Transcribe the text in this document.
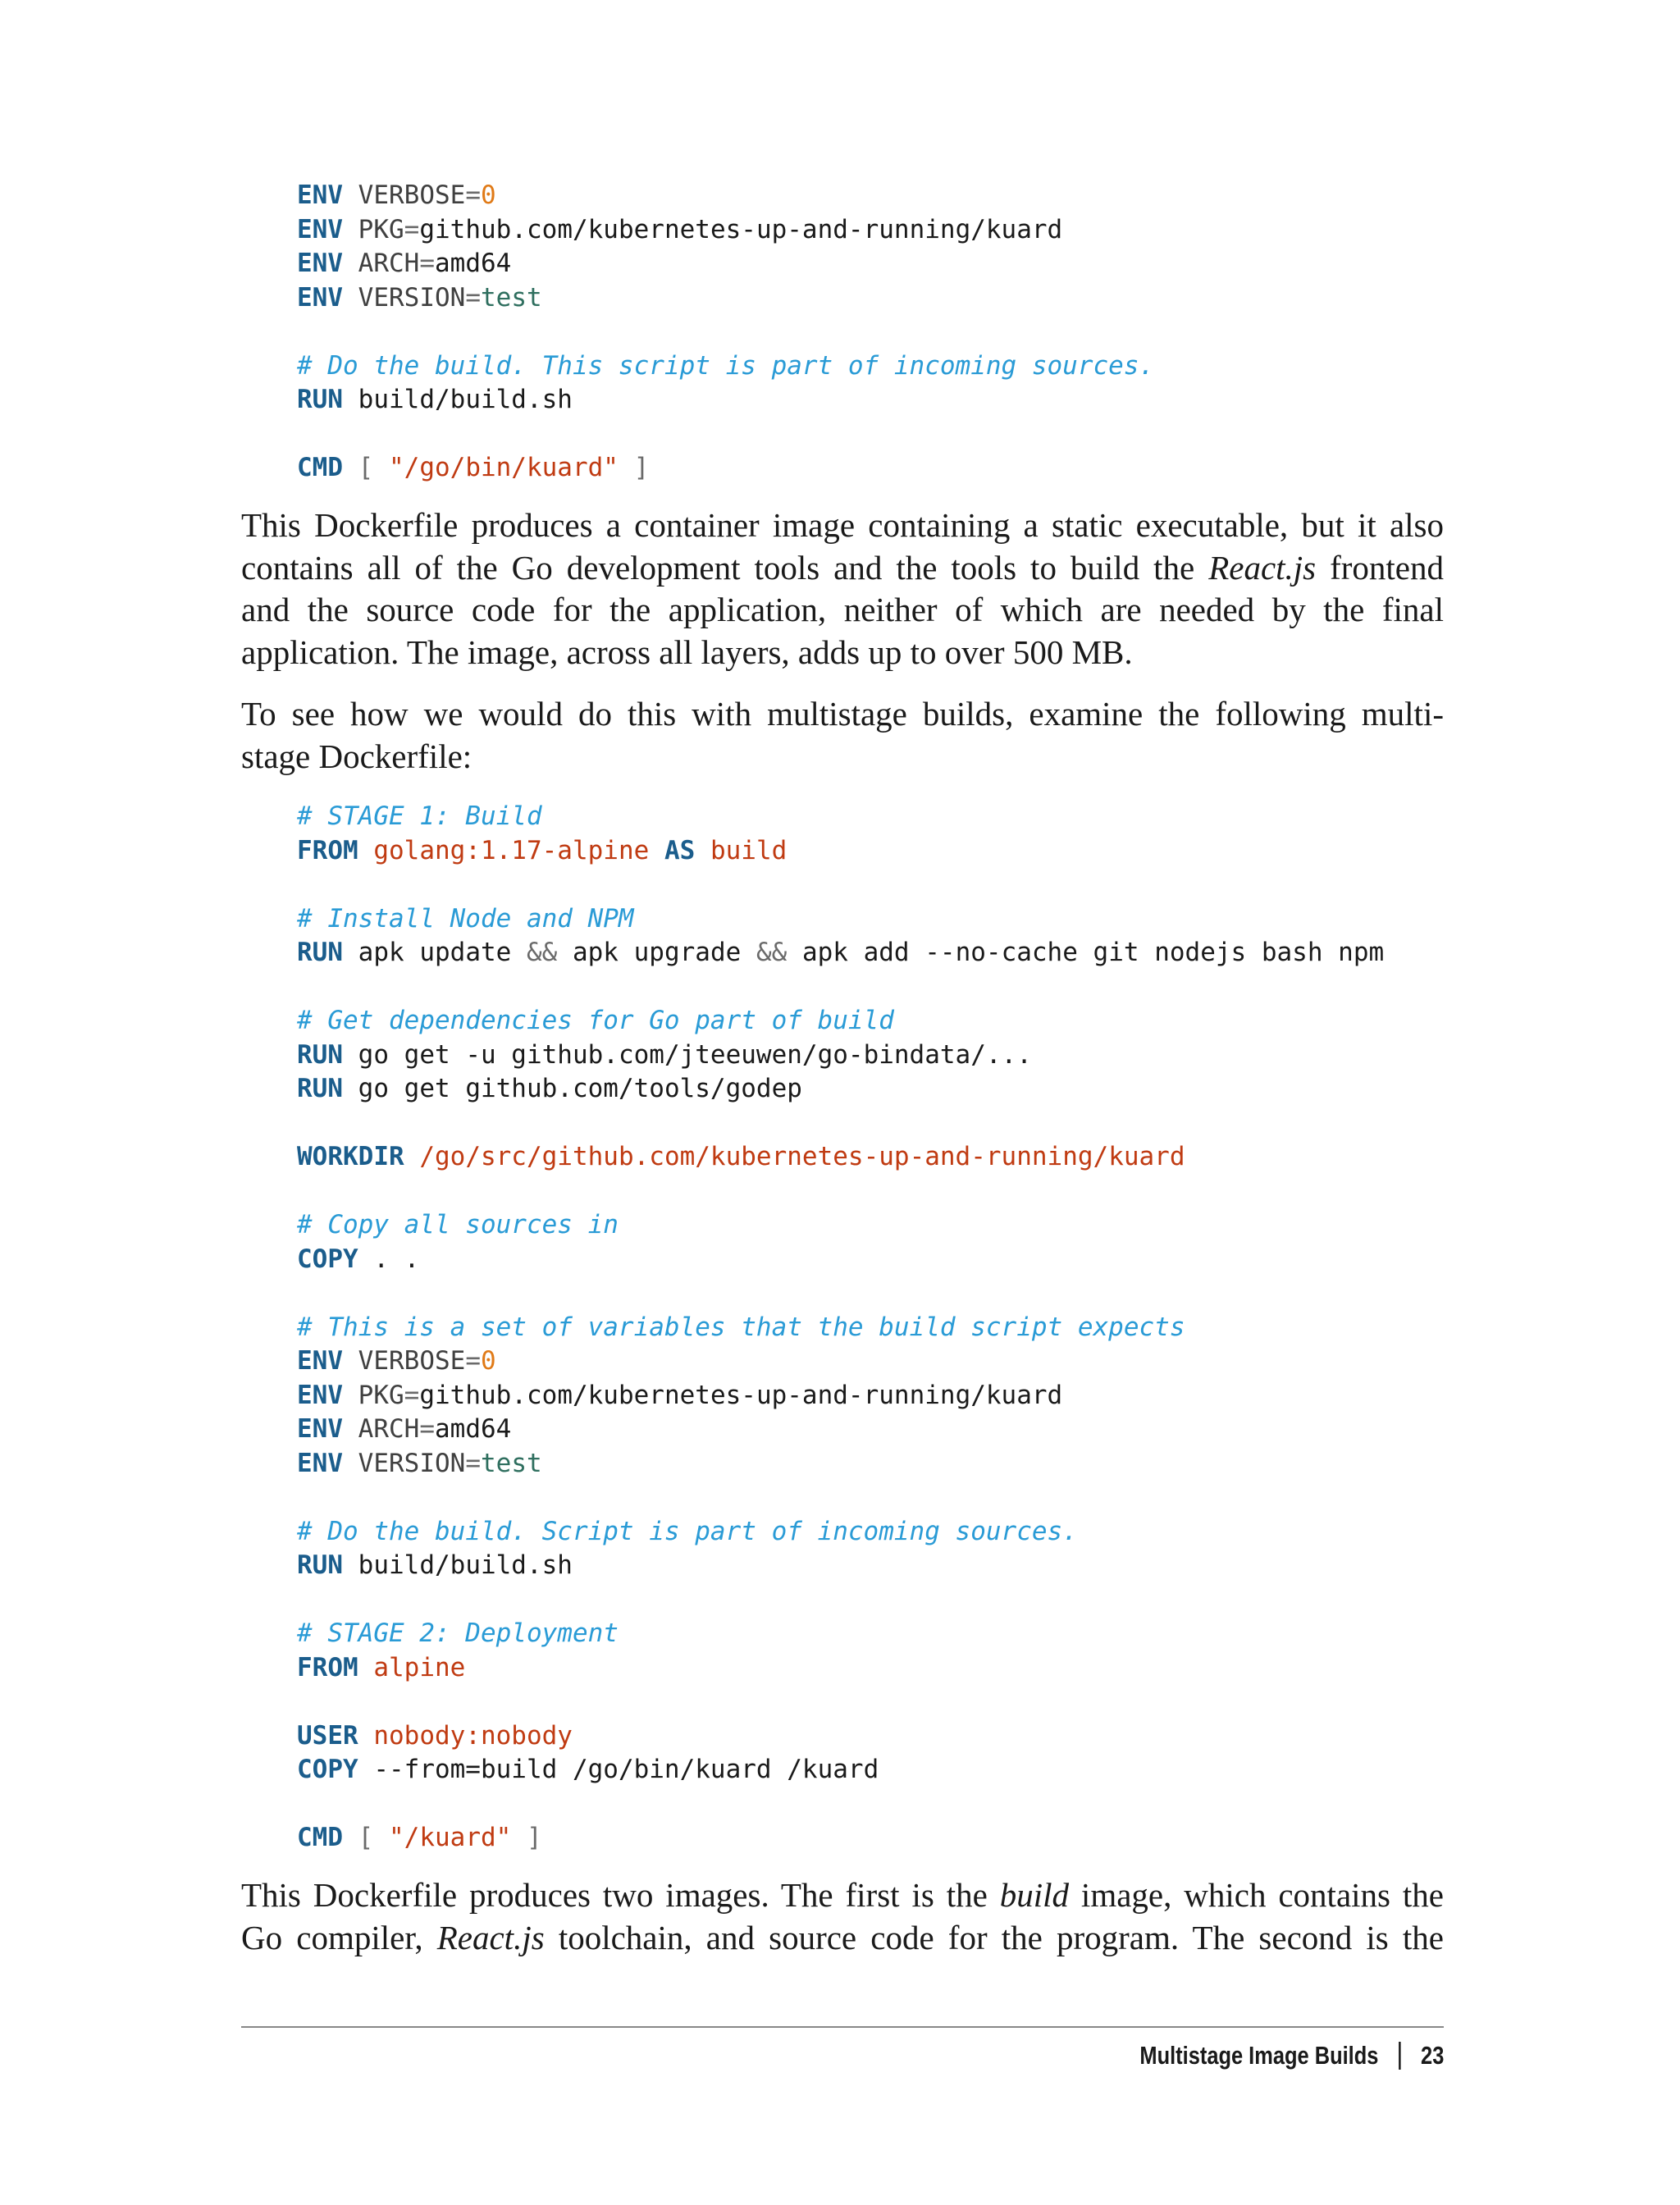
ENV VERBOSE=0
ENV PKG=github.com/kubernetes-up-and-running/kuard
ENV ARCH=amd64
ENV VERSION=test

# Do the build. This script is part of incoming sources.
RUN build/build.sh

CMD [ "/go/bin/kuard" ]
This Dockerfile produces a container image containing a static executable, but it also
contains all of the Go development tools and the tools to build the React.js frontend
and the source code for the application, neither of which are needed by the final
application. The image, across all layers, adds up to over 500 MB.
To see how we would do this with multistage builds, examine the following multi-
stage Dockerfile:
# STAGE 1: Build
FROM golang:1.17-alpine AS build

# Install Node and NPM
RUN apk update && apk upgrade && apk add --no-cache git nodejs bash npm

# Get dependencies for Go part of build
RUN go get -u github.com/jteeuwen/go-bindata/...
RUN go get github.com/tools/godep

WORKDIR /go/src/github.com/kubernetes-up-and-running/kuard

# Copy all sources in
COPY . .

# This is a set of variables that the build script expects
ENV VERBOSE=0
ENV PKG=github.com/kubernetes-up-and-running/kuard
ENV ARCH=amd64
ENV VERSION=test

# Do the build. Script is part of incoming sources.
RUN build/build.sh

# STAGE 2: Deployment
FROM alpine

USER nobody:nobody
COPY --from=build /go/bin/kuard /kuard

CMD [ "/kuard" ]
This Dockerfile produces two images. The first is the build image, which contains the
Go compiler, React.js toolchain, and source code for the program. The second is the
Multistage Image Builds 23
